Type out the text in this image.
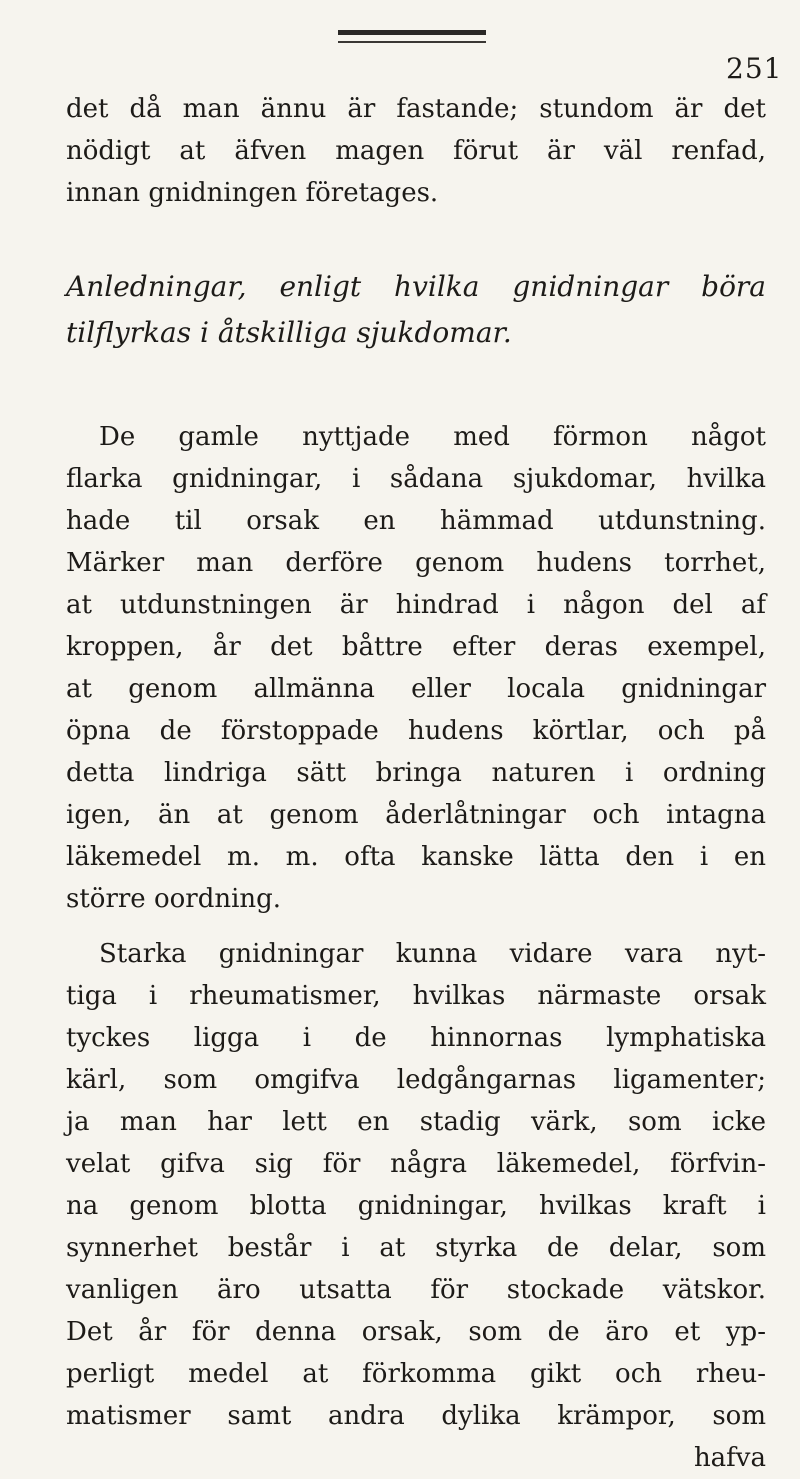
251
det då man ännu är fastande; stundom är det
nödigt at äfven magen förut är väl renfad,
innan gnidningen företages.
Anledningar, enligt hvilka gnidningar böra
tilflyrkas i åtskilliga sjukdomar.
De gamle nyttjade med förmon något
flarka gnidningar, i sådana sjukdomar, hvilka
hade til orsak en hämmad utdunstning.
Märker man derföre genom hudens torrhet,
at utdunstningen är hindrad i någon del af
kroppen, år det båttre efter deras exempel,
at genom allmänna eller locala gnidningar
öpna de förstoppade hudens körtlar, och på
detta lindriga sätt bringa naturen i ordning
igen, än at genom åderlåtningar och intagna
läkemedel m. m. ofta kanske lätta den i en
större oordning.
Starka gnidningar kunna vidare vara nyt-
tiga i rheumatismer, hvilkas närmaste orsak
tyckes ligga i de hinnornas lymphatiska
kärl, som omgifva ledgångarnas ligamenter;
ja man har lett en stadig värk, som icke
velat gifva sig för några läkemedel, förfvin-
na genom blotta gnidningar, hvilkas kraft i
synnerhet består i at styrka de delar, som
vanligen äro utsatta för stockade vätskor.
Det år för denna orsak, som de äro et yp-
perligt medel at förkomma gikt och rheu-
matismer samt andra dylika krämpor, som
hafva
